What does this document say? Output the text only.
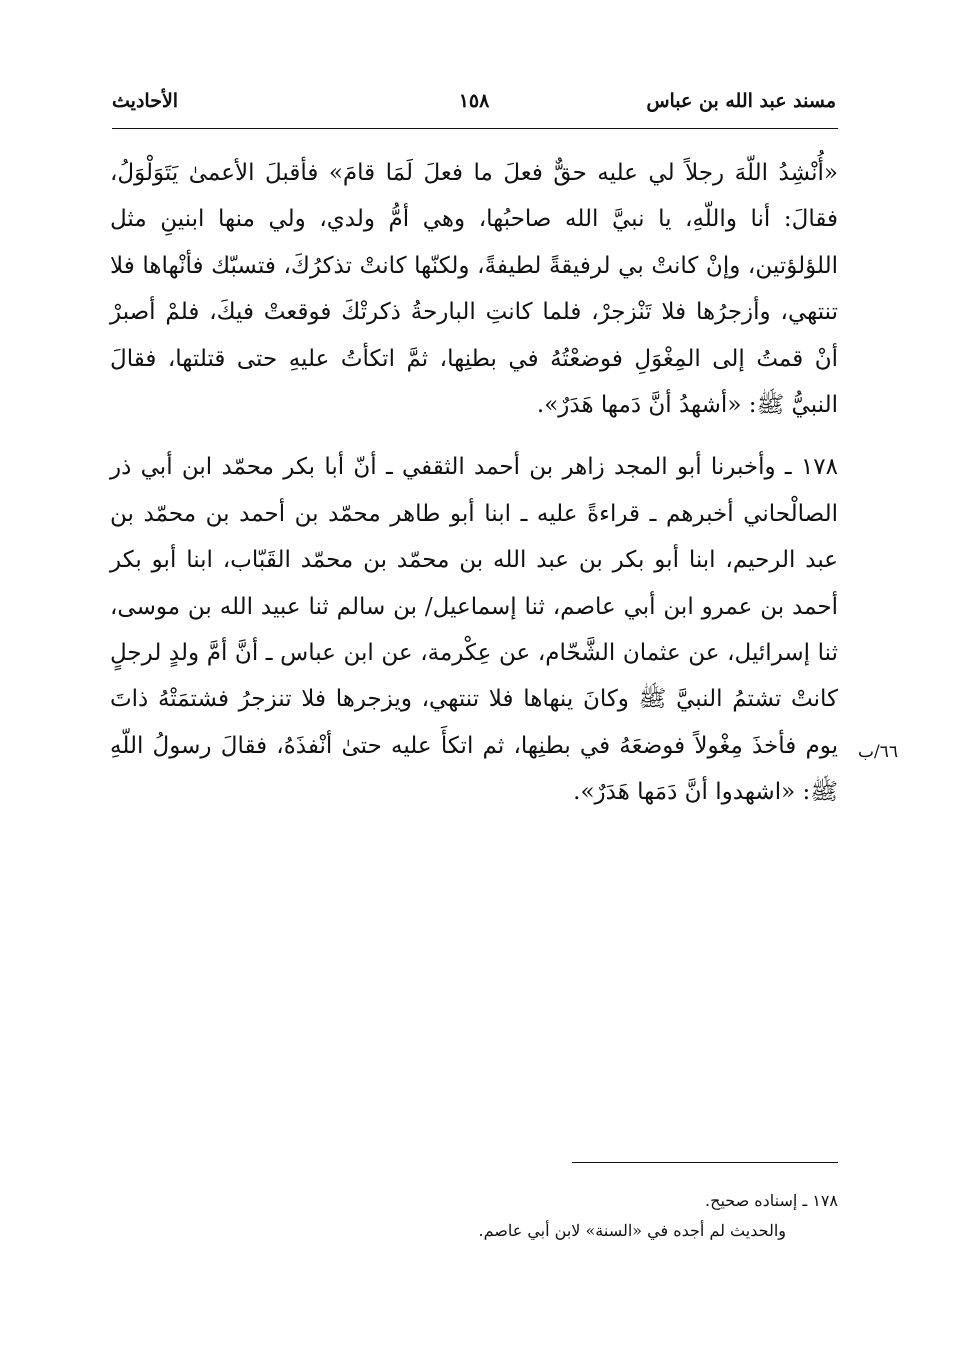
مسند عبد الله بن عباس
١٥٨
الأحاديث

«أُنْشِدُ اللّهَ رجلاً لي عليه حقٌّ فعلَ ما فعلَ لَمَا قامَ» فأقبلَ الأعمىٰ يَتَوَلْوَلُ، فقالَ: أنا واللّهِ، يا نبيَّ الله صاحبُها، وهي أمُّ ولدي، ولي منها ابنينِ مثل اللؤلؤتين، وإنْ كانتْ بي لرفيقةً لطيفةً، ولكنّها كانتْ تذكرُكَ، فتسبّك فأنْهاها فلا تنتهي، وأزجرُها فلا تَنْزجرْ، فلما كانتِ البارحةُ ذكرتْكَ فوقعتْ فيكَ، فلمْ أصبرْ أنْ قمتُ إلى المِغْوَلِ فوضعْتُهُ في بطنِها، ثمَّ اتكأتُ عليهِ حتى قتلتها، فقالَ النبيُّ ﷺ: «أشهدُ أنَّ دَمها هَدَرٌ».

١٧٨ ـ وأخبرنا أبو المجد زاهر بن أحمد الثقفي ـ أنّ أبا بكر محمّد ابن أبي ذر الصالْحاني أخبرهم ـ قراءةً عليه ـ ابنا أبو طاهر محمّد بن أحمد بن محمّد بن عبد الرحيم، ابنا أبو بكر بن عبد الله بن محمّد بن محمّد القَبّاب، ابنا أبو بكر أحمد بن عمرو ابن أبي عاصم، ثنا إسماعيل/ بن سالم ثنا عبيد الله بن موسى، ثنا إسرائيل، عن عثمان الشَّحّام، عن عِكْرمة، عن ابن عباس ـ أنَّ أمَّ ولدٍ لرجلٍ كانتْ تشتمُ النبيَّ ﷺ وكانَ ينهاها فلا تنتهي، ويزجرها فلا تنزجرُ فشتمَتْهُ ذاتَ يوم فأخذَ مِغْولاً فوضعَهُ في بطنِها، ثم اتكأَ عليه حتىٰ أنْفذَهُ، فقالَ رسولُ اللّهِ ﷺ: «اشهدوا أنَّ دَمَها هَدَرٌ».

٦٦/ب

١٧٨ ـ إسناده صحيح.

والحديث لم أجده في «السنة» لابن أبي عاصم.
